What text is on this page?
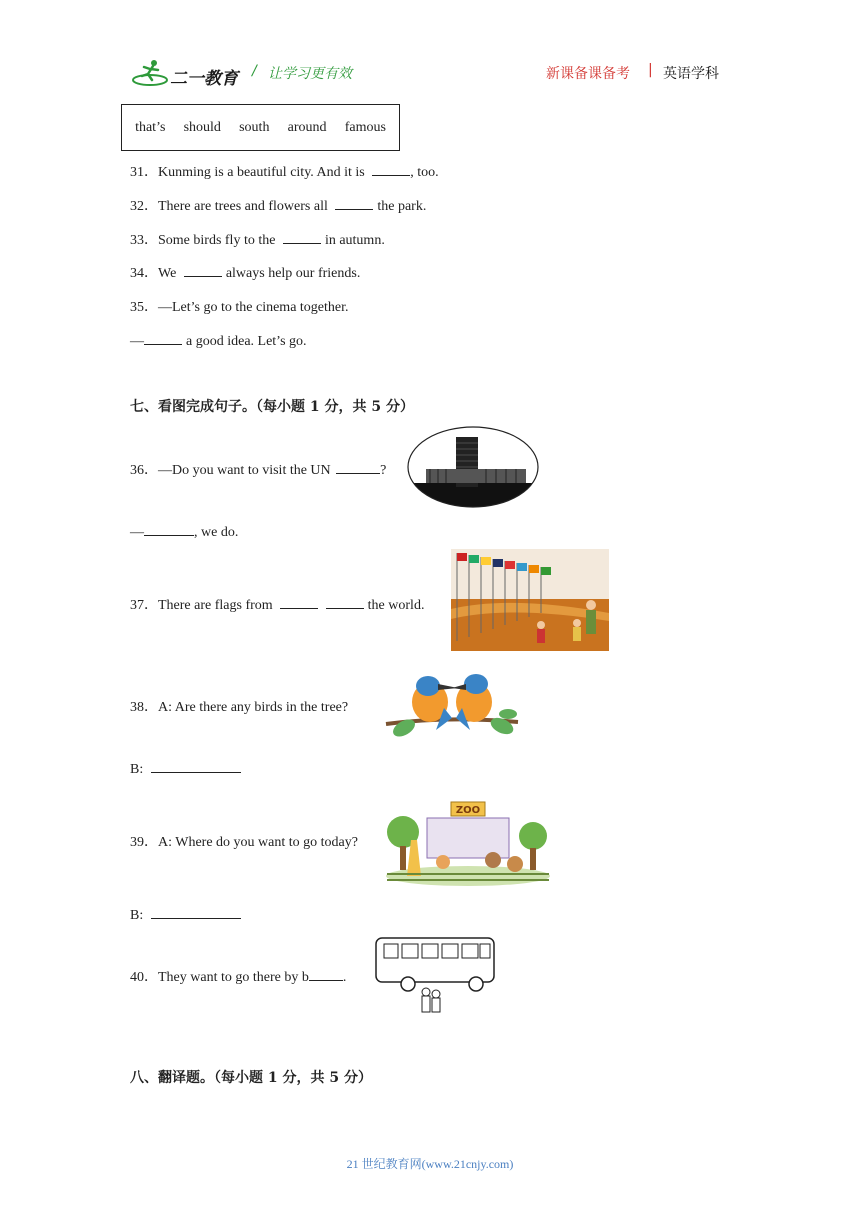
二一教育 / 让学习更有效	新课备课备考 | 英语学科
that’s should south around famous
31．Kunming is a beautiful city. And it is	, too.
32．There are trees and flowers all	the park.
33．Some birds fly to the	in autumn.
34．We	always help our friends.
35．—Let’s go to the cinema together.
—	a good idea. Let’s go.
七、看图完成句子。（每小题 1 分，共 5 分）
36．—Do you want to visit the UN	?
—	, we do.
37．There are flags from	the world.
38．A: Are there any birds in the tree?
B:
39．A: Where do you want to go today?
ZOO
B:
40．They want to go there by b .
八、翻译题。（每小题 1 分，共 5 分）
21 世纪教育网(www.21cnjy.com)
